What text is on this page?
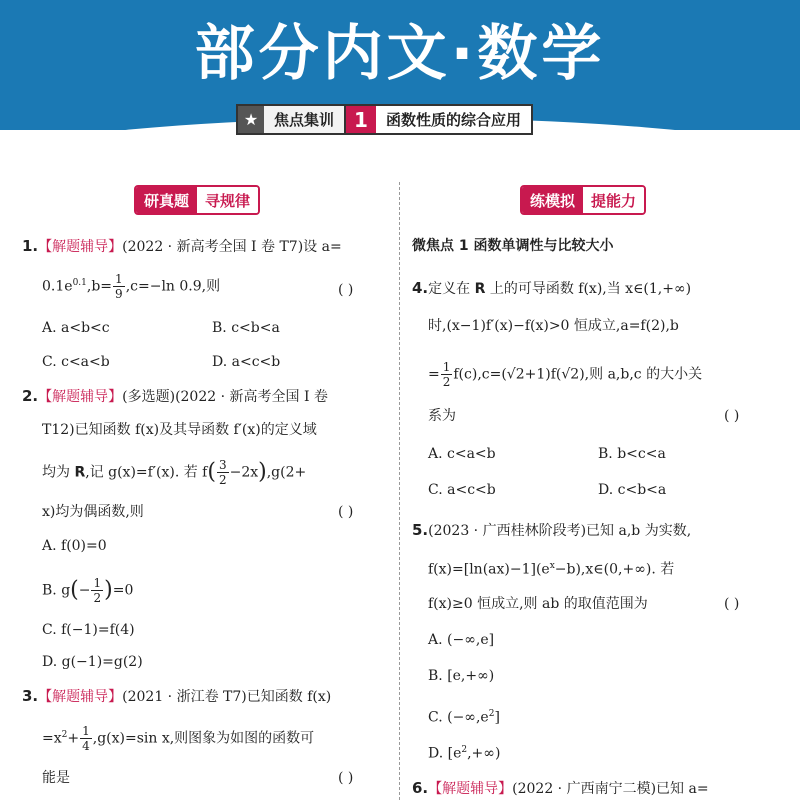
部分内文·数学
★	焦点集训	1	函数性质的综合应用
研真题	寻规律	练模拟	提能力
1.【解题辅导】(2022 · 新高考全国 Ⅰ 卷 T7)设 a=
$0.1e^{0.1},b= \frac{1}{9} ,c=-\ln$ 0.9,则	( )
A. a<b<c	B. c<b<a
C. c<a<b	D. a<c<b
2.【解题辅导】(多选题)(2022 · 新高考全国 Ⅰ 卷
T12)已知函数 f(x)及其导函数 f′(x)的定义域
均为 R,记 g(x)=f′(x). 若 $f( \frac{3}{2} -2x),g(2+$
x)均为偶函数,则	( )
A. f(0)=0
B. $g(- \frac{1}{2} )=0$
C. f(−1)=f(4)
D. g(−1)=g(2)
3.【解题辅导】(2021 · 浙江卷 T7)已知函数 f(x)
$=x^2+ \frac{1}{4} ,g(x)=\sin$ x,则图象为如图的函数可
能是	( )
微焦点 1 函数单调性与比较大小
4.定义在 R 上的可导函数 f(x),当 x∈(1,+∞)
时,(x−1)f′(x)−f(x)>0 恒成立,a=f(2),b
= $\frac{1}{2} f(c),c=(√2+1)f(√2)$,则 a,b,c 的大小关
系为	( )
A. c<a<b	B. b<c<a
C. a<c<b	D. c<b<a
5.(2023 · 广西桂林阶段考)已知 a,b 为实数,
$f(x)=[\ln(ax)-1](e^x-b),x\in(0,+\infty)$. 若
f(x)≥0 恒成立,则 ab 的取值范围为	( )
A. (−∞,e]
B. [e,+∞)
C. $(-\infty,e^2]$
D. $[e^2,+\infty)$
6.【解题辅导】(2022 · 广西南宁二模)已知 a=
